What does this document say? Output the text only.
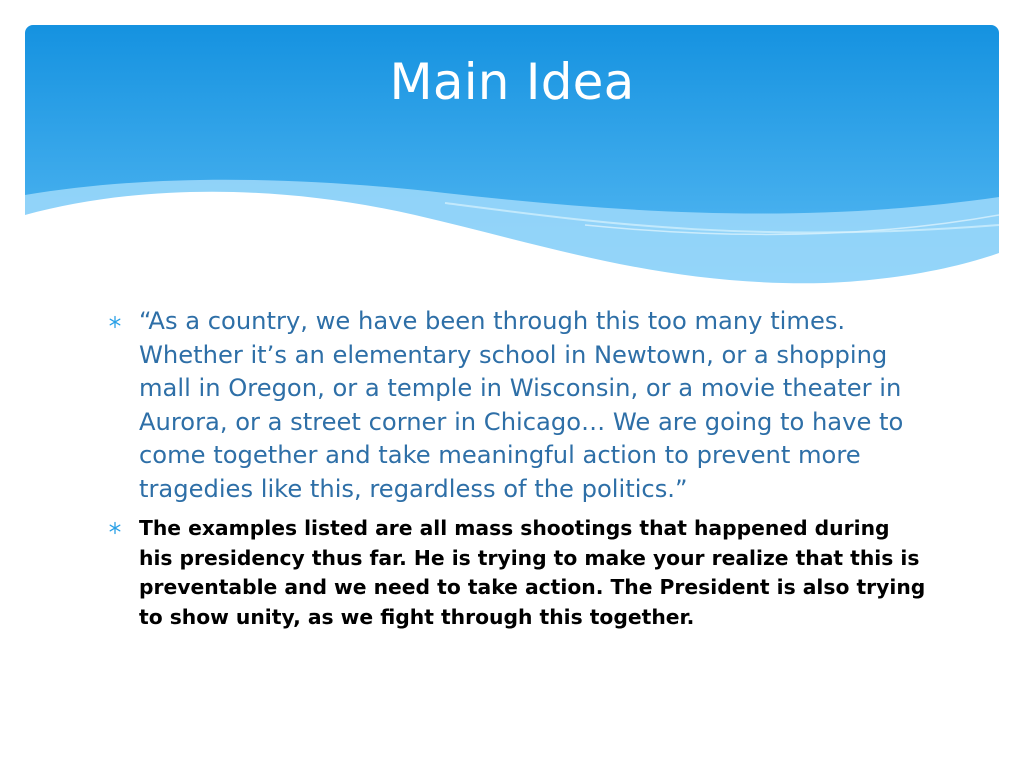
Main Idea
“As a country, we have been through this too many times. Whether it’s an elementary school in Newtown, or a shopping mall in Oregon, or a temple in Wisconsin, or a movie theater in Aurora, or a street corner in Chicago… We are going to have to come together and take meaningful action to prevent more tragedies like this, regardless of the politics.”
The examples listed are all mass shootings that happened during his presidency thus far. He is trying to make your realize that this is preventable and we need to take action. The President is also trying to show unity, as we fight through this together.
